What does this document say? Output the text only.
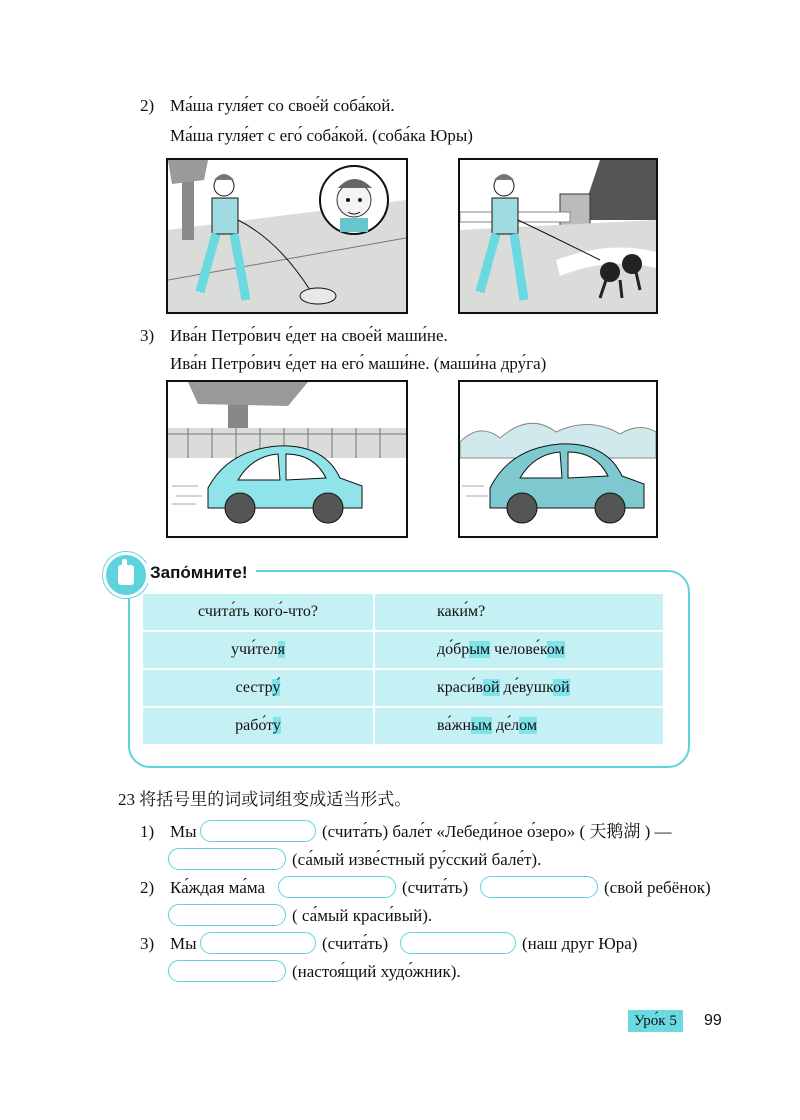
2) Ма́ша гуля́ет со свое́й соба́кой.
Ма́ша гуля́ет с его́ соба́кой. (соба́ка Юры)
3) Ива́н Петро́вич е́дет на свое́й маши́не.
Ива́н Петро́вич е́дет на его́ маши́не. (маши́на дру́га)
Запо́мните!
счита́ть кого́-что?	каки́м?
учи́теля	до́брым челове́ком
сестру́	краси́вой де́вушкой
рабо́ту	ва́жным де́лом
23 将括号里的词或词组变成适当形式。
1) Мы	(счита́ть) бале́т «Лебеди́ное о́зеро» ( 天鹅湖 ) —
(са́мый изве́стный ру́сский бале́т).
2) Ка́ждая ма́ма	(счита́ть)	(свой ребёнок)
( са́мый краси́вый).
3) Мы	(счита́ть)	(наш друг Юра)
(настоя́щий худо́жник).
Уро́к 5	99
